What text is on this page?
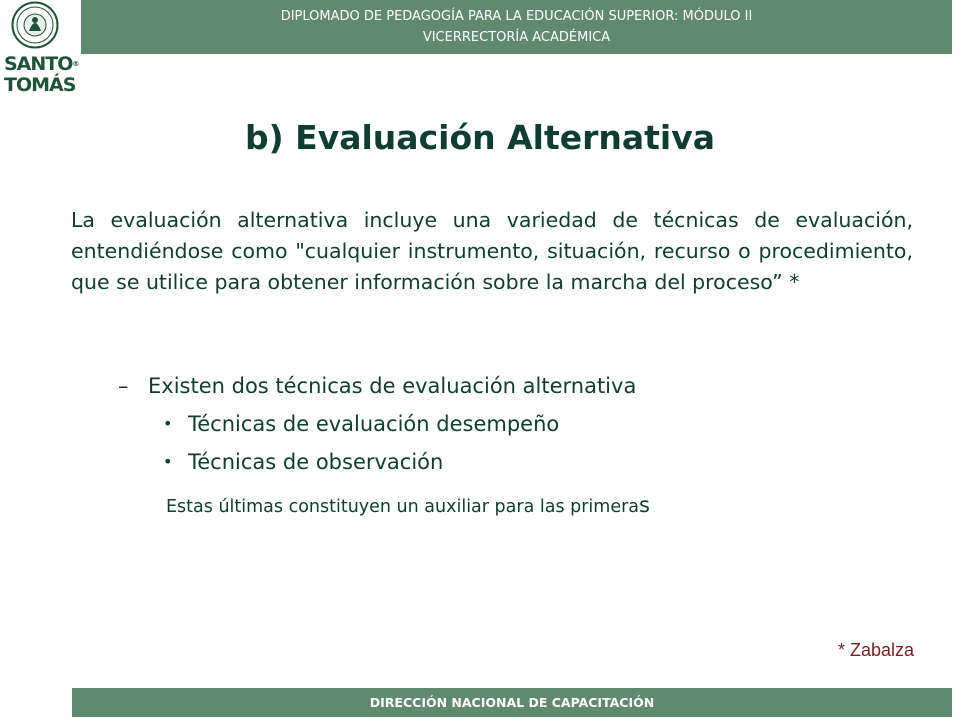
DIPLOMADO DE PEDAGOGÍA PARA LA EDUCACIÓN SUPERIOR: MÓDULO II
VICERRECTORÍA ACADÉMICA
SANTO®
TOMÁS
b) Evaluación Alternativa

La evaluación alternativa incluye una variedad de técnicas de evaluación, entendiéndose como "cualquier instrumento, situación, recurso o procedimiento, que se utilice para obtener información sobre la marcha del proceso” *

– Existen dos técnicas de evaluación alternativa
• Técnicas de evaluación desempeño
• Técnicas de observación
Estas últimas constituyen un auxiliar para las primeras
* Zabalza
DIRECCIÓN NACIONAL DE CAPACITACIÓN
